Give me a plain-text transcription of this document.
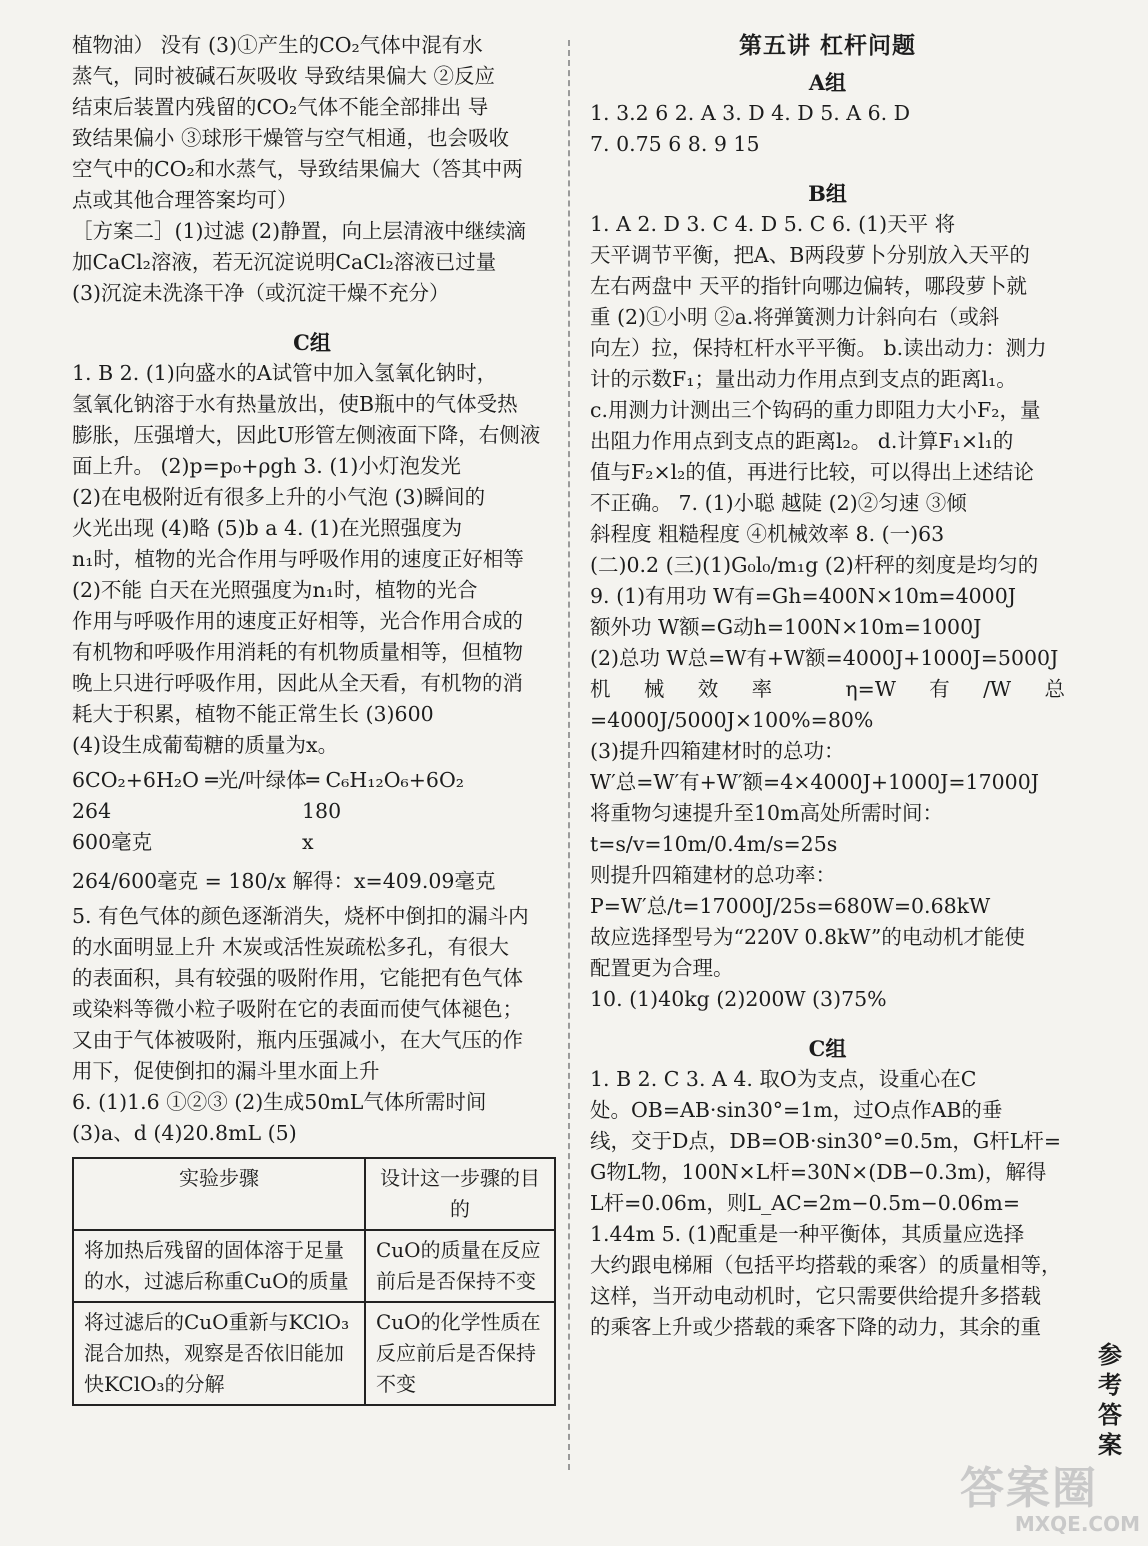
植物油） 没有 (3)①产生的CO₂气体中混有水

蒸气，同时被碱石灰吸收 导致结果偏大 ②反应

结束后装置内残留的CO₂气体不能全部排出 导

致结果偏小 ③球形干燥管与空气相通，也会吸收

空气中的CO₂和水蒸气，导致结果偏大（答其中两

点或其他合理答案均可）

［方案二］(1)过滤 (2)静置，向上层清液中继续滴

加CaCl₂溶液，若无沉淀说明CaCl₂溶液已过量

(3)沉淀未洗涤干净（或沉淀干燥不充分）

C组

1. B 2. (1)向盛水的A试管中加入氢氧化钠时，

氢氧化钠溶于水有热量放出，使B瓶中的气体受热

膨胀，压强增大，因此U形管左侧液面下降，右侧液

面上升。 (2)p=p₀+ρgh 3. (1)小灯泡发光

(2)在电极附近有很多上升的小气泡 (3)瞬间的

火光出现 (4)略 (5)b a 4. (1)在光照强度为

n₁时，植物的光合作用与呼吸作用的速度正好相等

(2)不能 白天在光照强度为n₁时，植物的光合

作用与呼吸作用的速度正好相等，光合作用合成的

有机物和呼吸作用消耗的有机物质量相等，但植物

晚上只进行呼吸作用，因此从全天看，有机物的消

耗大于积累，植物不能正常生长 (3)600

(4)设生成葡萄糖的质量为x。

6CO₂+6H₂O ═光/叶绿体═ C₆H₁₂O₆+6O₂

264	180
600毫克	x

264/600毫克 = 180/x 解得：x=409.09毫克

5. 有色气体的颜色逐渐消失，烧杯中倒扣的漏斗内

的水面明显上升 木炭或活性炭疏松多孔，有很大

的表面积，具有较强的吸附作用，它能把有色气体

或染料等微小粒子吸附在它的表面而使气体褪色；

又由于气体被吸附，瓶内压强减小，在大气压的作

用下，促使倒扣的漏斗里水面上升

6. (1)1.6 ①②③ (2)生成50mL气体所需时间

(3)a、d (4)20.8mL (5)

实验步骤	设计这一步骤的目的
将加热后残留的固体溶于足量的水，过滤后称重CuO的质量	CuO的质量在反应前后是否保持不变
将过滤后的CuO重新与KClO₃混合加热，观察是否依旧能加快KClO₃的分解	CuO的化学性质在反应前后是否保持不变

第五讲 杠杆问题

A组

1. 3.2 6 2. A 3. D 4. D 5. A 6. D

7. 0.75 6 8. 9 15

B组

1. A 2. D 3. C 4. D 5. C 6. (1)天平 将

天平调节平衡，把A、B两段萝卜分别放入天平的

左右两盘中 天平的指针向哪边偏转，哪段萝卜就

重 (2)①小明 ②a.将弹簧测力计斜向右（或斜

向左）拉，保持杠杆水平平衡。 b.读出动力：测力

计的示数F₁；量出动力作用点到支点的距离l₁。

c.用测力计测出三个钩码的重力即阻力大小F₂，量

出阻力作用点到支点的距离l₂。 d.计算F₁×l₁的

值与F₂×l₂的值，再进行比较，可以得出上述结论

不正确。 7. (1)小聪 越陡 (2)②匀速 ③倾

斜程度 粗糙程度 ④机械效率 8. (一)63

(二)0.2 (三)(1)G₀l₀/m₁g (2)杆秤的刻度是均匀的

9. (1)有用功 W有=Gh=400N×10m=4000J

额外功 W额=G动h=100N×10m=1000J

(2)总功 W总=W有+W额=4000J+1000J=5000J

机械效率 η=W有/W总=4000J/5000J×100%=80%

(3)提升四箱建材时的总功：

W′总=W′有+W′额=4×4000J+1000J=17000J

将重物匀速提升至10m高处所需时间：

t=s/v=10m/0.4m/s=25s

则提升四箱建材的总功率：

P=W′总/t=17000J/25s=680W=0.68kW

故应选择型号为“220V 0.8kW”的电动机才能使

配置更为合理。

10. (1)40kg (2)200W (3)75%

C组

1. B 2. C 3. A 4. 取O为支点，设重心在C

处。OB=AB·sin30°=1m，过O点作AB的垂

线，交于D点，DB=OB·sin30°=0.5m，G杆L杆=

G物L物，100N×L杆=30N×(DB−0.3m)，解得

L杆=0.06m，则L_AC=2m−0.5m−0.06m=

1.44m 5. (1)配重是一种平衡体，其质量应选择

大约跟电梯厢（包括平均搭载的乘客）的质量相等，

这样，当开动电动机时，它只需要供给提升多搭载

的乘客上升或少搭载的乘客下降的动力，其余的重

参
考
答
案
答案圈
MXQE.COM
